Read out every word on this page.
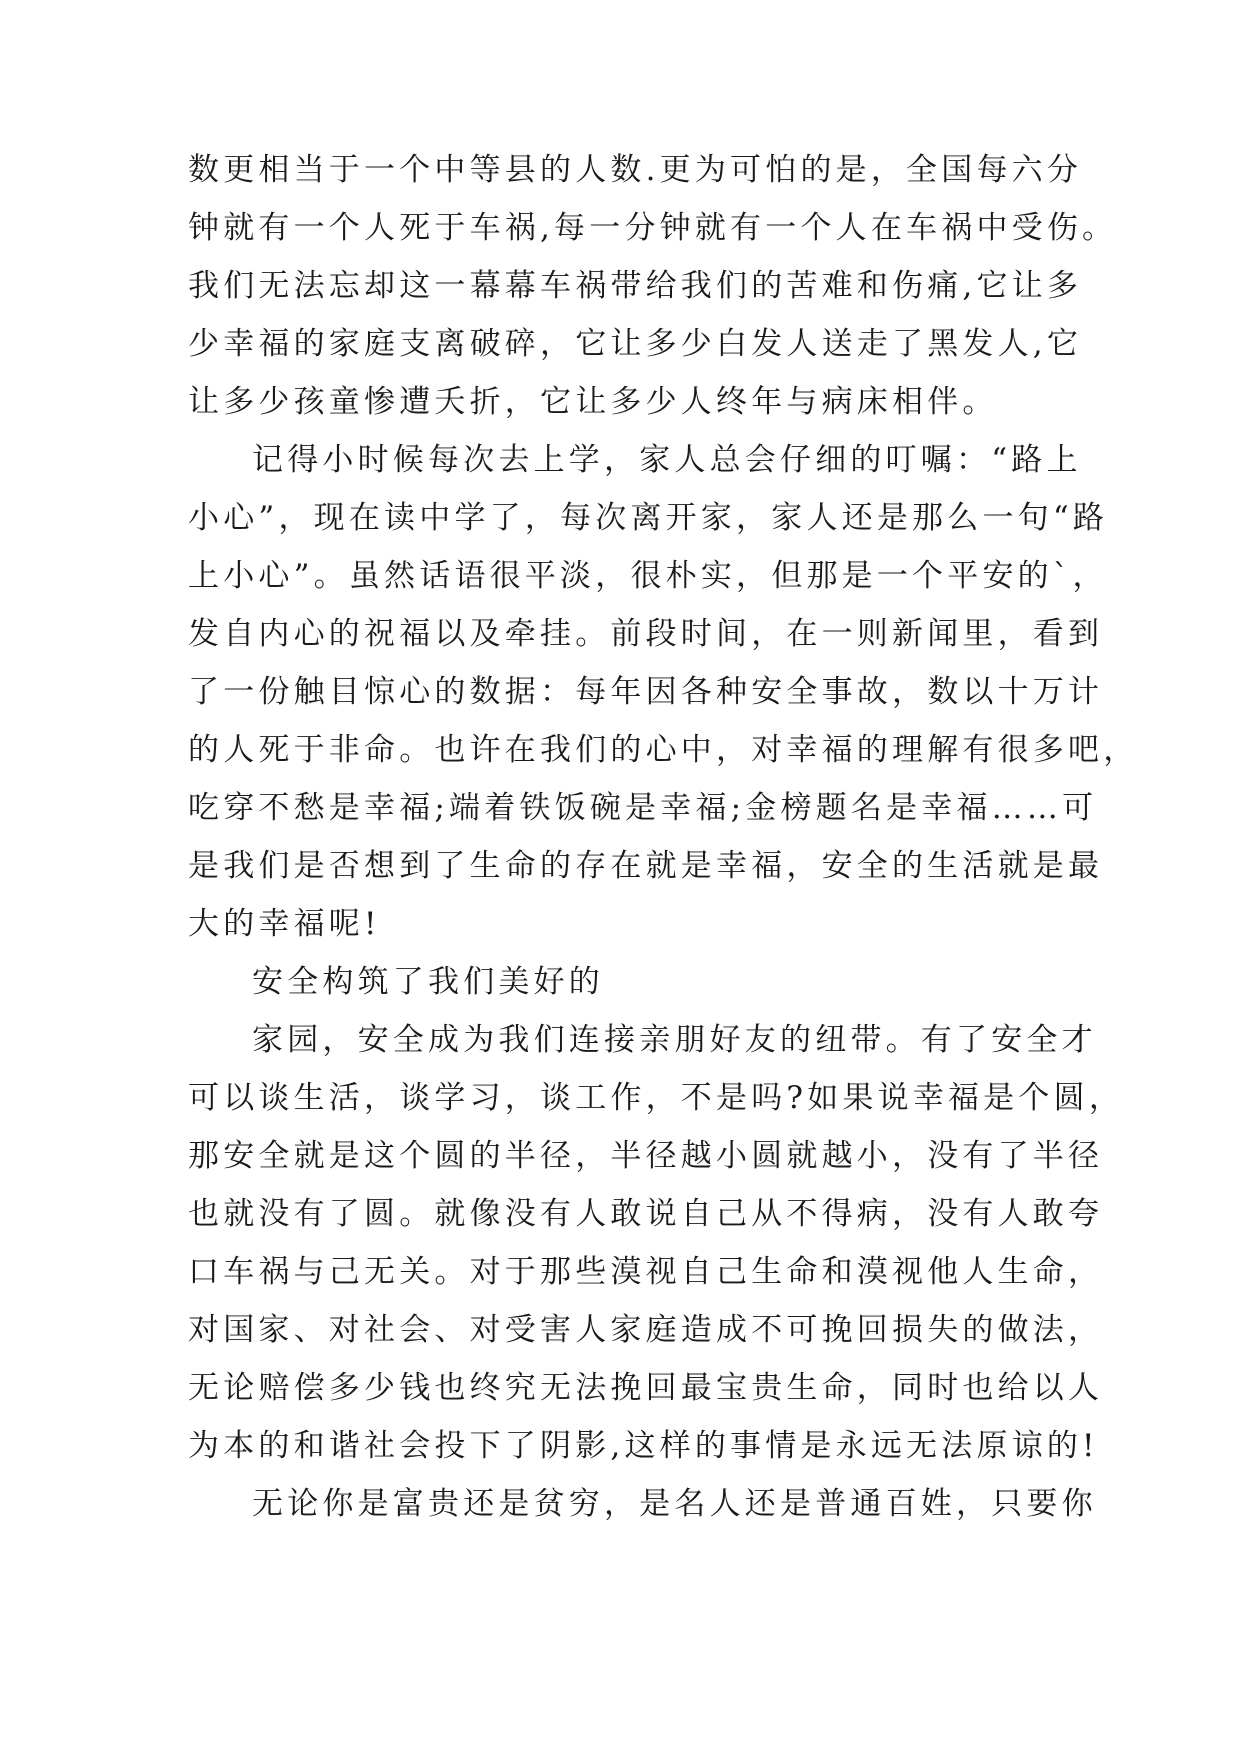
数更相当于一个中等县的人数.更为可怕的是，全国每六分
钟就有一个人死于车祸,每一分钟就有一个人在车祸中受伤。
我们无法忘却这一幕幕车祸带给我们的苦难和伤痛,它让多
少幸福的家庭支离破碎，它让多少白发人送走了黑发人,它
让多少孩童惨遭夭折，它让多少人终年与病床相伴。
记得小时候每次去上学，家人总会仔细的叮嘱：“路上
小心”，现在读中学了，每次离开家，家人还是那么一句“路
上小心”。虽然话语很平淡，很朴实，但那是一个平安的`，
发自内心的祝福以及牵挂。前段时间，在一则新闻里，看到
了一份触目惊心的数据：每年因各种安全事故，数以十万计
的人死于非命。也许在我们的心中，对幸福的理解有很多吧，
吃穿不愁是幸福;端着铁饭碗是幸福;金榜题名是幸福……可
是我们是否想到了生命的存在就是幸福，安全的生活就是最
大的幸福呢!
安全构筑了我们美好的
家园，安全成为我们连接亲朋好友的纽带。有了安全才
可以谈生活，谈学习，谈工作，不是吗?如果说幸福是个圆，
那安全就是这个圆的半径，半径越小圆就越小，没有了半径
也就没有了圆。就像没有人敢说自己从不得病，没有人敢夸
口车祸与己无关。对于那些漠视自己生命和漠视他人生命，
对国家、对社会、对受害人家庭造成不可挽回损失的做法，
无论赔偿多少钱也终究无法挽回最宝贵生命，同时也给以人
为本的和谐社会投下了阴影,这样的事情是永远无法原谅的!
无论你是富贵还是贫穷，是名人还是普通百姓，只要你
